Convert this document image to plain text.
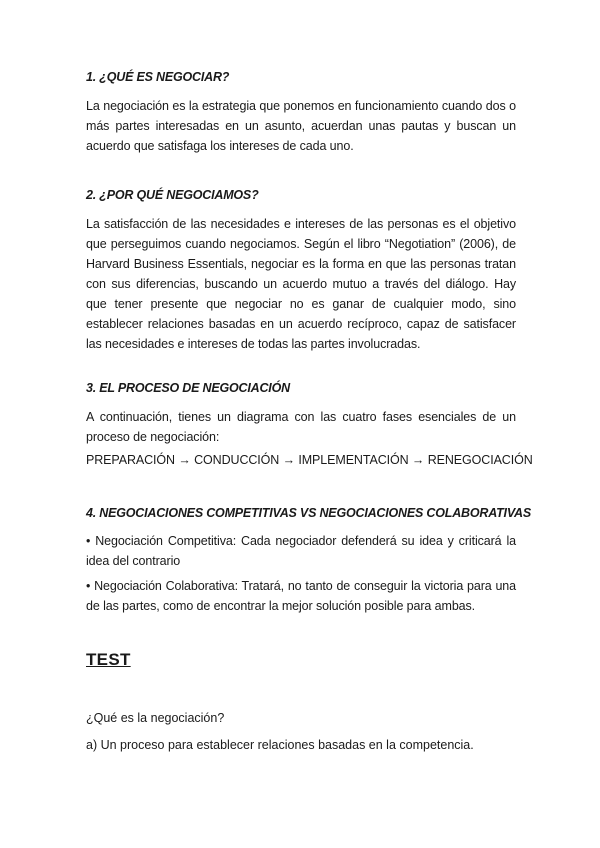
1. ¿QUÉ ES NEGOCIAR?
La negociación es la estrategia que ponemos en funcionamiento cuando dos o más partes interesadas en un asunto, acuerdan unas pautas y buscan un acuerdo que satisfaga los intereses de cada uno.
2. ¿POR QUÉ NEGOCIAMOS?
La satisfacción de las necesidades e intereses de las personas es el objetivo que perseguimos cuando negociamos. Según el libro “Negotiation” (2006), de Harvard Business Essentials, negociar es la forma en que las personas tratan con sus diferencias, buscando un acuerdo mutuo a través del diálogo. Hay que tener presente que negociar no es ganar de cualquier modo, sino establecer relaciones basadas en un acuerdo recíproco, capaz de satisfacer las necesidades e intereses de todas las partes involucradas.
3. EL PROCESO DE NEGOCIACIÓN
A continuación, tienes un diagrama con las cuatro fases esenciales de un proceso de negociación:
PREPARACIÓN → CONDUCCIÓN → IMPLEMENTACIÓN → RENEGOCIACIÓN
4. NEGOCIACIONES COMPETITIVAS VS NEGOCIACIONES COLABORATIVAS
• Negociación Competitiva: Cada negociador defenderá su idea y criticará la idea del contrario
• Negociación Colaborativa: Tratará, no tanto de conseguir la victoria para una de las partes, como de encontrar la mejor solución posible para ambas.
TEST
¿Qué es la negociación?
a) Un proceso para establecer relaciones basadas en la competencia.
